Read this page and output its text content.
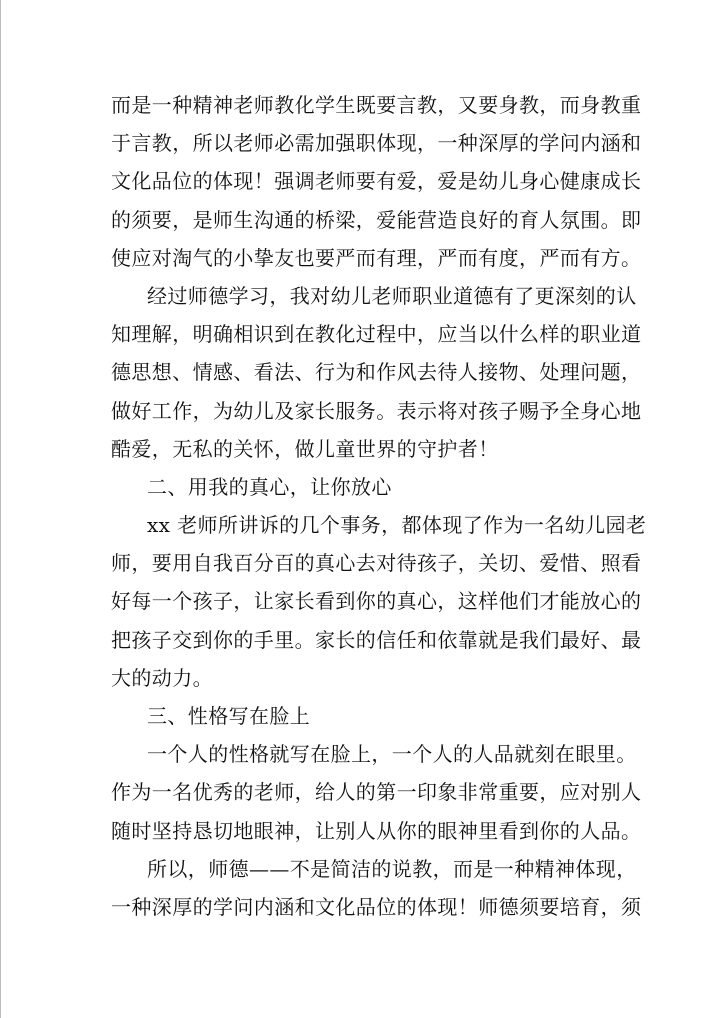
而是一种精神老师教化学生既要言教，又要身教，而身教重
于言教，所以老师必需加强职体现，一种深厚的学问内涵和
文化品位的体现！强调老师要有爱，爱是幼儿身心健康成长
的须要，是师生沟通的桥梁，爱能营造良好的育人氛围。即
使应对淘气的小挚友也要严而有理，严而有度，严而有方。
经过师德学习，我对幼儿老师职业道德有了更深刻的认
知理解，明确相识到在教化过程中，应当以什么样的职业道
德思想、情感、看法、行为和作风去待人接物、处理问题，
做好工作，为幼儿及家长服务。表示将对孩子赐予全身心地
酷爱，无私的关怀，做儿童世界的守护者！
二、用我的真心，让你放心
xx 老师所讲诉的几个事务，都体现了作为一名幼儿园老
师，要用自我百分百的真心去对待孩子，关切、爱惜、照看
好每一个孩子，让家长看到你的真心，这样他们才能放心的
把孩子交到你的手里。家长的信任和依靠就是我们最好、最
大的动力。
三、性格写在脸上
一个人的性格就写在脸上，一个人的人品就刻在眼里。
作为一名优秀的老师，给人的第一印象非常重要，应对别人
随时坚持恳切地眼神，让别人从你的眼神里看到你的人品。
所以，师德——不是简洁的说教，而是一种精神体现，
一种深厚的学问内涵和文化品位的体现！师德须要培育，须
